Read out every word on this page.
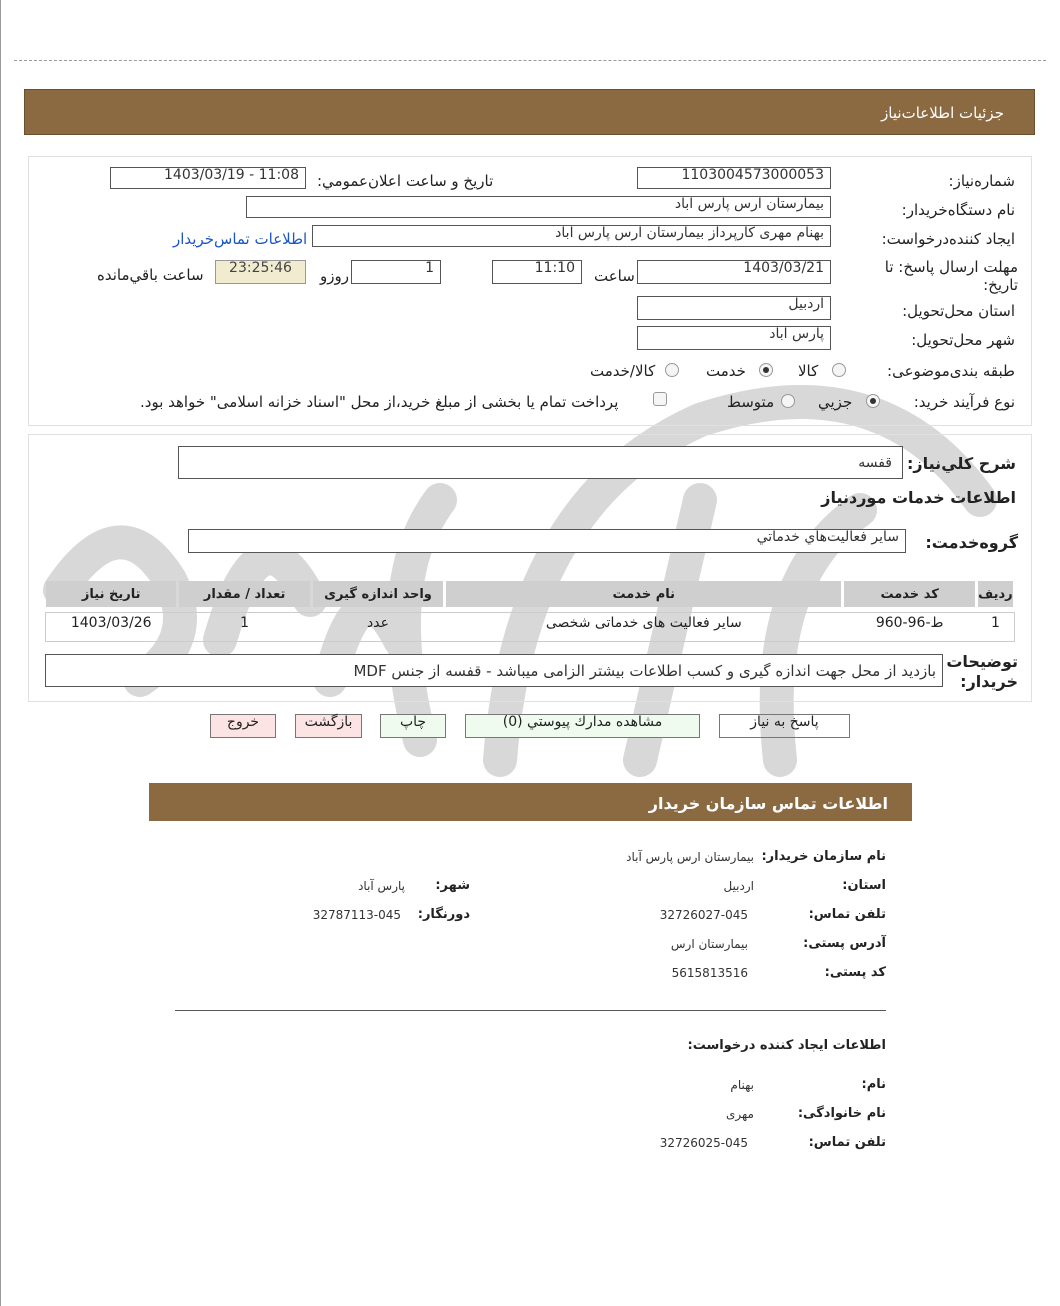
جزئيات اطلاعات‌نياز
شماره‌نیاز:
1103004573000053
تاريخ و ساعت اعلان‌عمومي:
1403/03/19 - 11:08
نام دستگاه‌خريدار:
بیمارستان ارس پارس اباد
ايجاد كننده‌درخواست:
بهنام مهری کارپرداز بیمارستان ارس پارس آباد
اطلاعات تماس‌خريدار
مهلت ارسال پاسخ: تا تاريخ:
1403/03/21
ساعت
11:10
1
روزو
23:25:46
ساعت باقي‌مانده
استان محل‌تحویل:
اردبیل
شهر محل‌تحویل:
پارس آباد
طبقه بندی‌موضوعی:
کالا
خدمت
کالا/خدمت
نوع فرآيند خريد:
جزيي
متوسط
پرداخت تمام يا بخشی از مبلغ خريد،از محل "اسناد خزانه اسلامی" خواهد بود.
شرح کلي‌نياز:
قفسه
اطلاعات خدمات موردنياز
گروه‌خدمت:
ساير فعاليت‌هاي خدماتي
رديف	کد خدمت	نام خدمت	واحد اندازه گيری	تعداد / مقدار	تاريخ نياز
1	ط-96-960	سایر فعالیت های خدماتی شخصی	عدد	1	1403/03/26
توضيحات خريدار:
بازدید از محل جهت اندازه گیری و کسب اطلاعات بیشتر الزامی میباشد - قفسه از جنس MDF
پاسخ به نياز
مشاهده مدارك پيوستي (0)
چاپ
بازگشت
خروج
اطلاعات تماس سازمان خریدار
نام سازمان خریدار:
بیمارستان ارس پارس آباد
استان:
اردبیل
شهر:
پارس آباد
تلفن تماس:
32726027-045
دورنگار:
32787113-045
آدرس پستی:
بیمارستان ارس
کد پستی:
5615813516
اطلاعات ایجاد کننده درخواست:
نام:
بهنام
نام خانوادگی:
مهری
تلفن تماس:
32726025-045
